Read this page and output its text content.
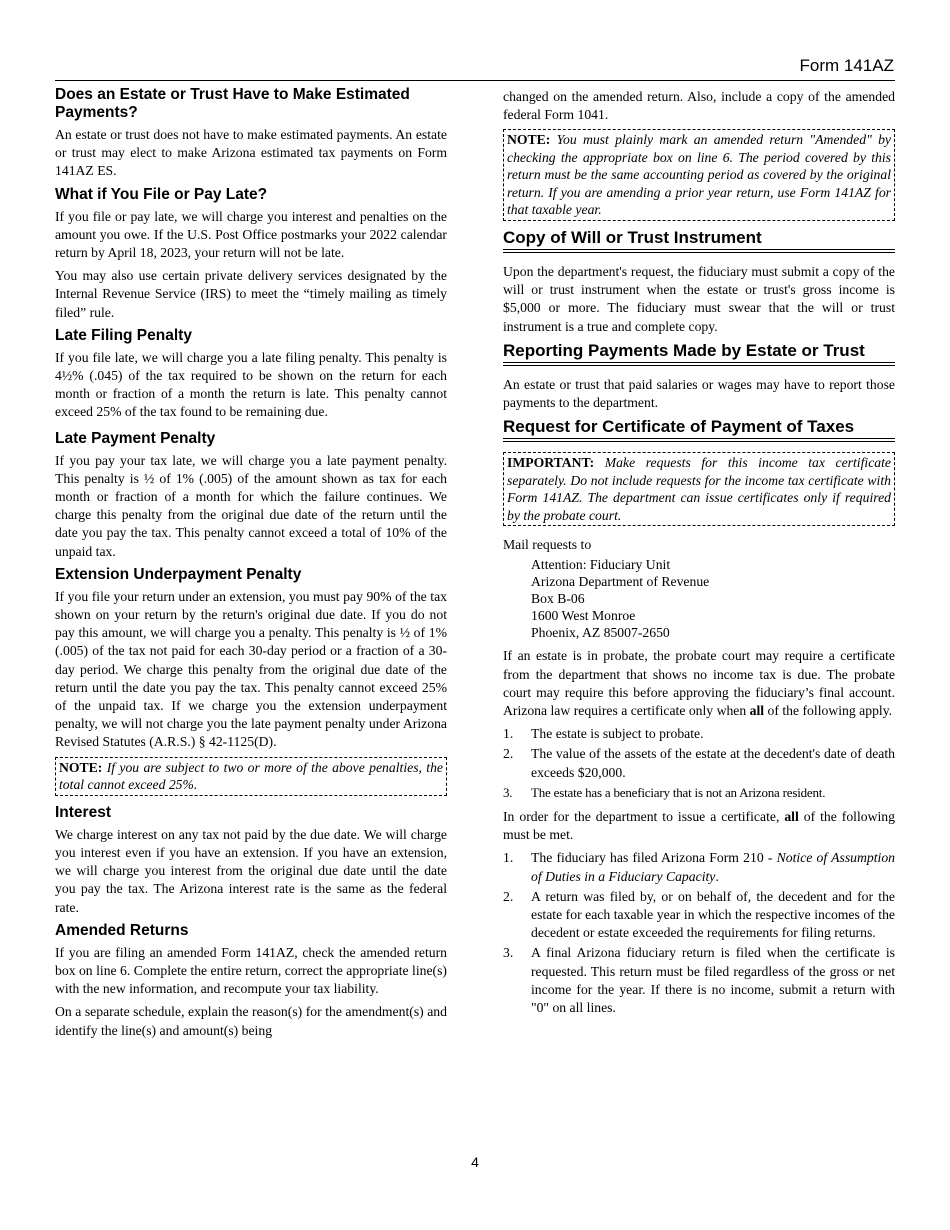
Form 141AZ
Does an Estate or Trust Have to Make Estimated Payments?

An estate or trust does not have to make estimated payments. An estate or trust may elect to make Arizona estimated tax payments on Form 141AZ ES.

What if You File or Pay Late?

If you file or pay late, we will charge you interest and penalties on the amount you owe. If the U.S. Post Office postmarks your 2022 calendar return by April 18, 2023, your return will not be late.

You may also use certain private delivery services designated by the Internal Revenue Service (IRS) to meet the “timely mailing as timely filed” rule.

Late Filing Penalty

If you file late, we will charge you a late filing penalty. This penalty is 4½% (.045) of the tax required to be shown on the return for each month or fraction of a month the return is late. This penalty cannot exceed 25% of the tax found to be remaining due.

Late Payment Penalty

If you pay your tax late, we will charge you a late payment penalty. This penalty is ½ of 1% (.005) of the amount shown as tax for each month or fraction of a month for which the failure continues. We charge this penalty from the original due date of the return until the date you pay the tax. This penalty cannot exceed a total of 10% of the unpaid tax.

Extension Underpayment Penalty

If you file your return under an extension, you must pay 90% of the tax shown on your return by the return's original due date. If you do not pay this amount, we will charge you a penalty. This penalty is ½ of 1% (.005) of the tax not paid for each 30-day period or a fraction of a 30-day period. We charge this penalty from the original due date of the return until the date you pay the tax. This penalty cannot exceed 25% of the unpaid tax. If we charge you the extension underpayment penalty, we will not charge you the late payment penalty under Arizona Revised Statutes (A.R.S.) § 42-1125(D).

NOTE: If you are subject to two or more of the above penalties, the total cannot exceed 25%.
Interest

We charge interest on any tax not paid by the due date. We will charge you interest even if you have an extension. If you have an extension, we will charge you interest from the original due date until the date you pay the tax. The Arizona interest rate is the same as the federal rate.

Amended Returns

If you are filing an amended Form 141AZ, check the amended return box on line 6. Complete the entire return, correct the appropriate line(s) with the new information, and recompute your tax liability.

On a separate schedule, explain the reason(s) for the amendment(s) and identify the line(s) and amount(s) being

changed on the amended return. Also, include a copy of the amended federal Form 1041.

NOTE: You must plainly mark an amended return "Amended" by checking the appropriate box on line 6. The period covered by this return must be the same accounting period as covered by the original return. If you are amending a prior year return, use Form 141AZ for that taxable year.
Copy of Will or Trust Instrument

Upon the department's request, the fiduciary must submit a copy of the will or trust instrument when the estate or trust's gross income is $5,000 or more. The fiduciary must swear that the will or trust instrument is a true and complete copy.

Reporting Payments Made by Estate or Trust

An estate or trust that paid salaries or wages may have to report those payments to the department.

Request for Certificate of Payment of Taxes
IMPORTANT: Make requests for this income tax certificate separately. Do not include requests for the income tax certificate with Form 141AZ. The department can issue certificates only if required by the probate court.

Mail requests to

Attention: Fiduciary Unit
Arizona Department of Revenue
Box B-06
1600 West Monroe
Phoenix, AZ 85007-2650

If an estate is in probate, the probate court may require a certificate from the department that shows no income tax is due. The probate court may require this before approving the fiduciary’s final account. Arizona law requires a certificate only when all of the following apply.

1. The estate is subject to probate.
2. The value of the assets of the estate at the decedent's date of death exceeds $20,000.
3. The estate has a beneficiary that is not an Arizona resident.

In order for the department to issue a certificate, all of the following must be met.

1. The fiduciary has filed Arizona Form 210 - Notice of Assumption of Duties in a Fiduciary Capacity.
2. A return was filed by, or on behalf of, the decedent and for the estate for each taxable year in which the respective incomes of the decedent or estate exceeded the requirements for filing returns.
3. A final Arizona fiduciary return is filed when the certificate is requested. This return must be filed regardless of the gross or net income for the year. If there is no income, submit a return with "0" on all lines.
4
